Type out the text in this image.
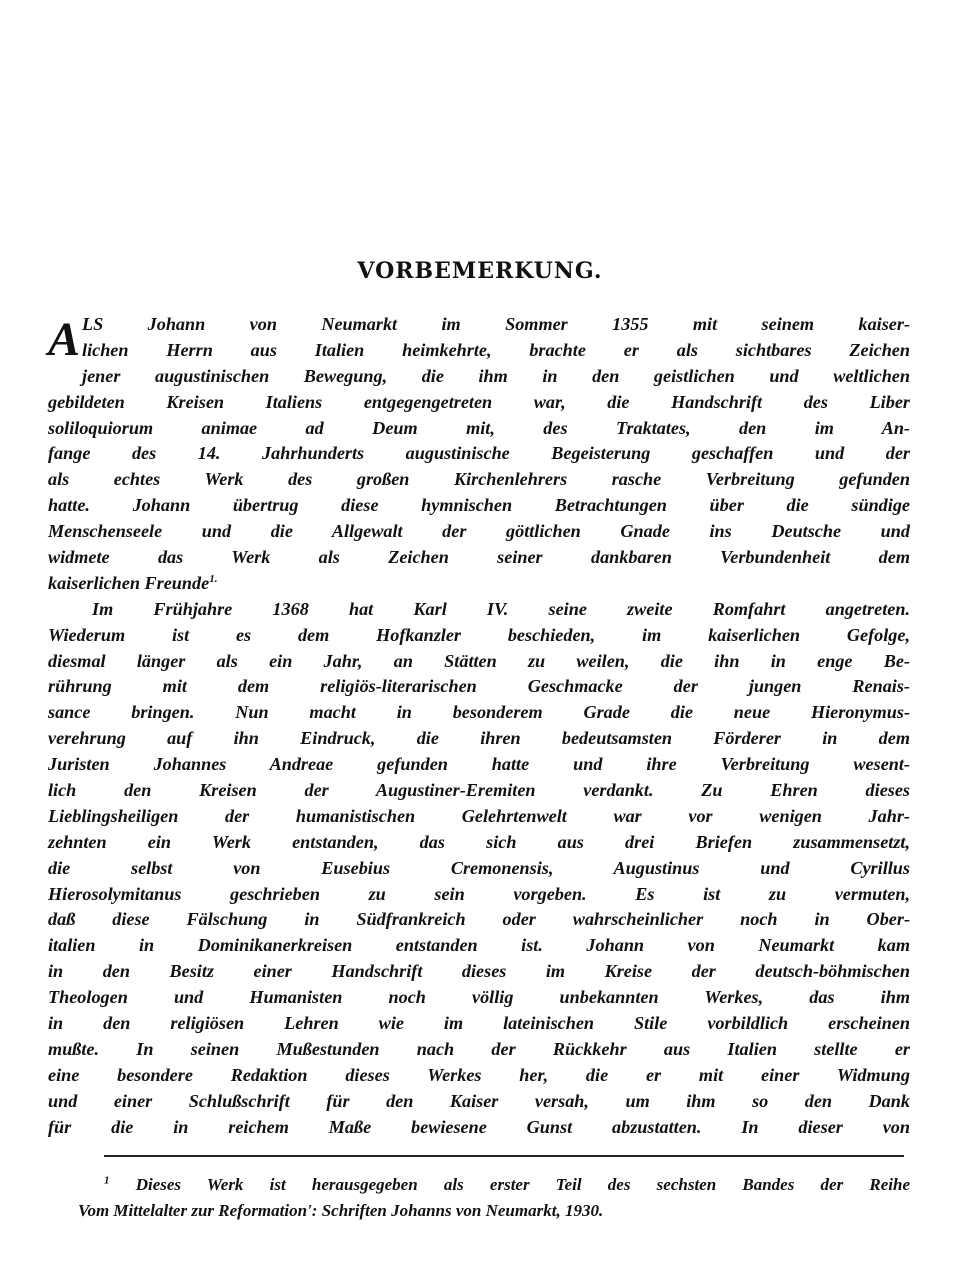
VORBEMERKUNG.
A LS Johann von Neumarkt im Sommer 1355 mit seinem kaiser-
lichen Herrn aus Italien heimkehrte, brachte er als sichtbares Zeichen
jener augustinischen Bewegung, die ihm in den geistlichen und weltlichen
gebildeten Kreisen Italiens entgegengetreten war, die Handschrift des Liber
soliloquiorum animae ad Deum mit, des Traktates, den im An-
fange des 14. Jahrhunderts augustinische Begeisterung geschaffen und der
als echtes Werk des großen Kirchenlehrers rasche Verbreitung gefunden
hatte. Johann übertrug diese hymnischen Betrachtungen über die sündige
Menschenseele und die Allgewalt der göttlichen Gnade ins Deutsche und
widmete das Werk als Zeichen seiner dankbaren Verbundenheit dem
kaiserlichen Freunde$^{1.}$
Im Frühjahre 1368 hat Karl IV. seine zweite Romfahrt angetreten.
Wiederum ist es dem Hofkanzler beschieden, im kaiserlichen Gefolge,
diesmal länger als ein Jahr, an Stätten zu weilen, die ihn in enge Be-
rührung mit dem religiös-literarischen Geschmacke der jungen Renais-
sance bringen. Nun macht in besonderem Grade die neue Hieronymus-
verehrung auf ihn Eindruck, die ihren bedeutsamsten Förderer in dem
Juristen Johannes Andreae gefunden hatte und ihre Verbreitung wesent-
lich den Kreisen der Augustiner-Eremiten verdankt. Zu Ehren dieses
Lieblingsheiligen der humanistischen Gelehrtenwelt war vor wenigen Jahr-
zehnten ein Werk entstanden, das sich aus drei Briefen zusammensetzt,
die selbst von Eusebius Cremonensis, Augustinus und Cyrillus
Hierosolymitanus geschrieben zu sein vorgeben. Es ist zu vermuten,
daß diese Fälschung in Südfrankreich oder wahrscheinlicher noch in Ober-
italien in Dominikanerkreisen entstanden ist. Johann von Neumarkt kam
in den Besitz einer Handschrift dieses im Kreise der deutsch-böhmischen
Theologen und Humanisten noch völlig unbekannten Werkes, das ihm
in den religiösen Lehren wie im lateinischen Stile vorbildlich erscheinen
mußte. In seinen Mußestunden nach der Rückkehr aus Italien stellte er
eine besondere Redaktion dieses Werkes her, die er mit einer Widmung
und einer Schlußschrift für den Kaiser versah, um ihm so den Dank
für die in reichem Maße bewiesene Gunst abzustatten. In dieser von
$^1$ Dieses Werk ist herausgegeben als erster Teil des sechsten Bandes der Reihe
Vom Mittelalter zur Reformation': Schriften Johanns von Neumarkt, 1930.
